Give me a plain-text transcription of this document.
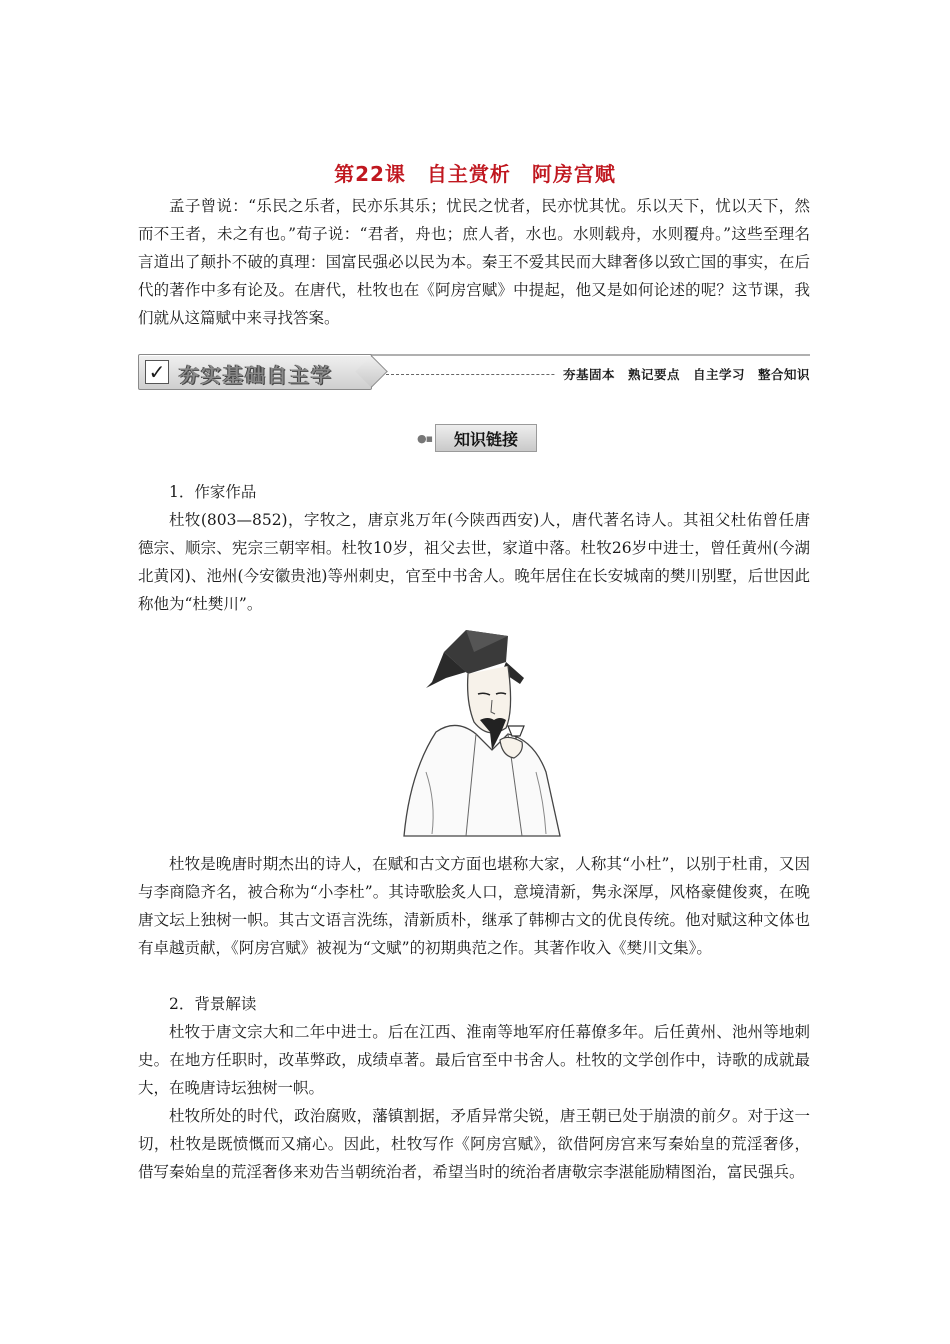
第22课　自主赏析　阿房宫赋

孟子曾说：“乐民之乐者，民亦乐其乐；忧民之忧者，民亦忧其忧。乐以天下，忧以天下，然而不王者，未之有也。”荀子说：“君者，舟也；庶人者，水也。水则载舟，水则覆舟。”这些至理名言道出了颠扑不破的真理：国富民强必以民为本。秦王不爱其民而大肆奢侈以致亡国的事实，在后代的著作中多有论及。在唐代，杜牧也在《阿房宫赋》中提起，他又是如何论述的呢？这节课，我们就从这篇赋中来寻找答案。

✓ 夯实基础自主学	夯基固本　熟记要点　自主学习　整合知识
●▪	知识链接

1．作家作品

杜牧(803—852)，字牧之，唐京兆万年(今陕西西安)人，唐代著名诗人。其祖父杜佑曾任唐德宗、顺宗、宪宗三朝宰相。杜牧10岁，祖父去世，家道中落。杜牧26岁中进士，曾任黄州(今湖北黄冈)、池州(今安徽贵池)等州刺史，官至中书舍人。晚年居住在长安城南的樊川别墅，后世因此称他为“杜樊川”。

杜牧是晚唐时期杰出的诗人，在赋和古文方面也堪称大家，人称其“小杜”，以别于杜甫，又因与李商隐齐名，被合称为“小李杜”。其诗歌脍炙人口，意境清新，隽永深厚，风格豪健俊爽，在晚唐文坛上独树一帜。其古文语言洗练，清新质朴，继承了韩柳古文的优良传统。他对赋这种文体也有卓越贡献，《阿房宫赋》被视为“文赋”的初期典范之作。其著作收入《樊川文集》。

2．背景解读

杜牧于唐文宗大和二年中进士。后在江西、淮南等地军府任幕僚多年。后任黄州、池州等地刺史。在地方任职时，改革弊政，成绩卓著。最后官至中书舍人。杜牧的文学创作中，诗歌的成就最大，在晚唐诗坛独树一帜。

杜牧所处的时代，政治腐败，藩镇割据，矛盾异常尖锐，唐王朝已处于崩溃的前夕。对于这一切，杜牧是既愤慨而又痛心。因此，杜牧写作《阿房宫赋》，欲借阿房宫来写秦始皇的荒淫奢侈，借写秦始皇的荒淫奢侈来劝告当朝统治者，希望当时的统治者唐敬宗李湛能励精图治，富民强兵。
